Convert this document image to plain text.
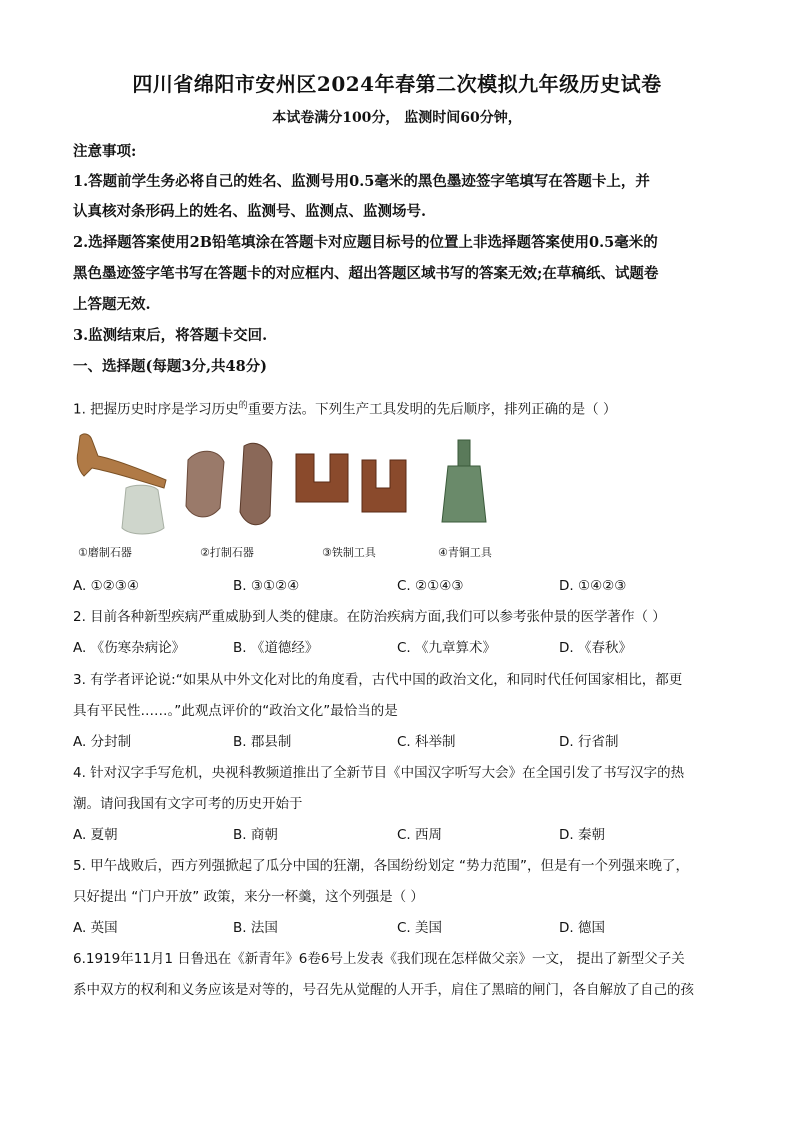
四川省绵阳市安州区2024年春第二次模拟九年级历史试卷
本试卷满分100分， 监测时间60分钟，
注意事项:
1.答题前学生务必将自己的姓名、监测号用0.5毫米的黑色墨迹签字笔填写在答题卡上，并
认真核对条形码上的姓名、监测号、监测点、监测场号.
2.选择题答案使用2B铅笔填涂在答题卡对应题目标号的位置上非选择题答案使用0.5毫米的
黑色墨迹签字笔书写在答题卡的对应框内、超出答题区域书写的答案无效;在草稿纸、试题卷
上答题无效.
3.监测结束后，将答题卡交回.
一、选择题(每题3分,共48分)
1. 把握历史时序是学习历史$^的$重要方法。下列生产工具发明的先后顺序，排列正确的是（ ）
①磨制石器	②打制石器	③铁制工具	④青铜工具
A. ①②③④	B. ③①②④	C. ②①④③	D. ①④②③
2. 目前各种新型疾病严重威胁到人类的健康。在防治疾病方面,我们可以参考张仲景的医学著作（ ）
A. 《伤寒杂病论》	B. 《道德经》	C. 《九章算术》	D. 《春秋》
3. 有学者评论说:“如果从中外文化对比的角度看，古代中国的政治文化，和同时代任何国家相比，都更
具有平民性……。”此观点评价的“政治文化”最恰当的是
A. 分封制	B. 郡县制	C. 科举制	D. 行省制
4. 针对汉字手写危机，央视科教频道推出了全新节目《中国汉字听写大会》在全国引发了书写汉字的热
潮。请问我国有文字可考的历史开始于
A. 夏朝	B. 商朝	C. 西周	D. 秦朝
5. 甲午战败后，西方列强掀起了瓜分中国的狂潮，各国纷纷划定 “势力范围”，但是有一个列强来晚了，
只好提出 “门户开放” 政策，来分一杯羹，这个列强是（ ）
A. 英国	B. 法国	C. 美国	D. 德国
6.1919年11月1 日鲁迅在《新青年》6卷6号上发表《我们现在怎样做父亲》一文， 提出了新型父子关
系中双方的权利和义务应该是对等的，号召先从觉醒的人开手，肩住了黑暗的闸门，各自解放了自己的孩
